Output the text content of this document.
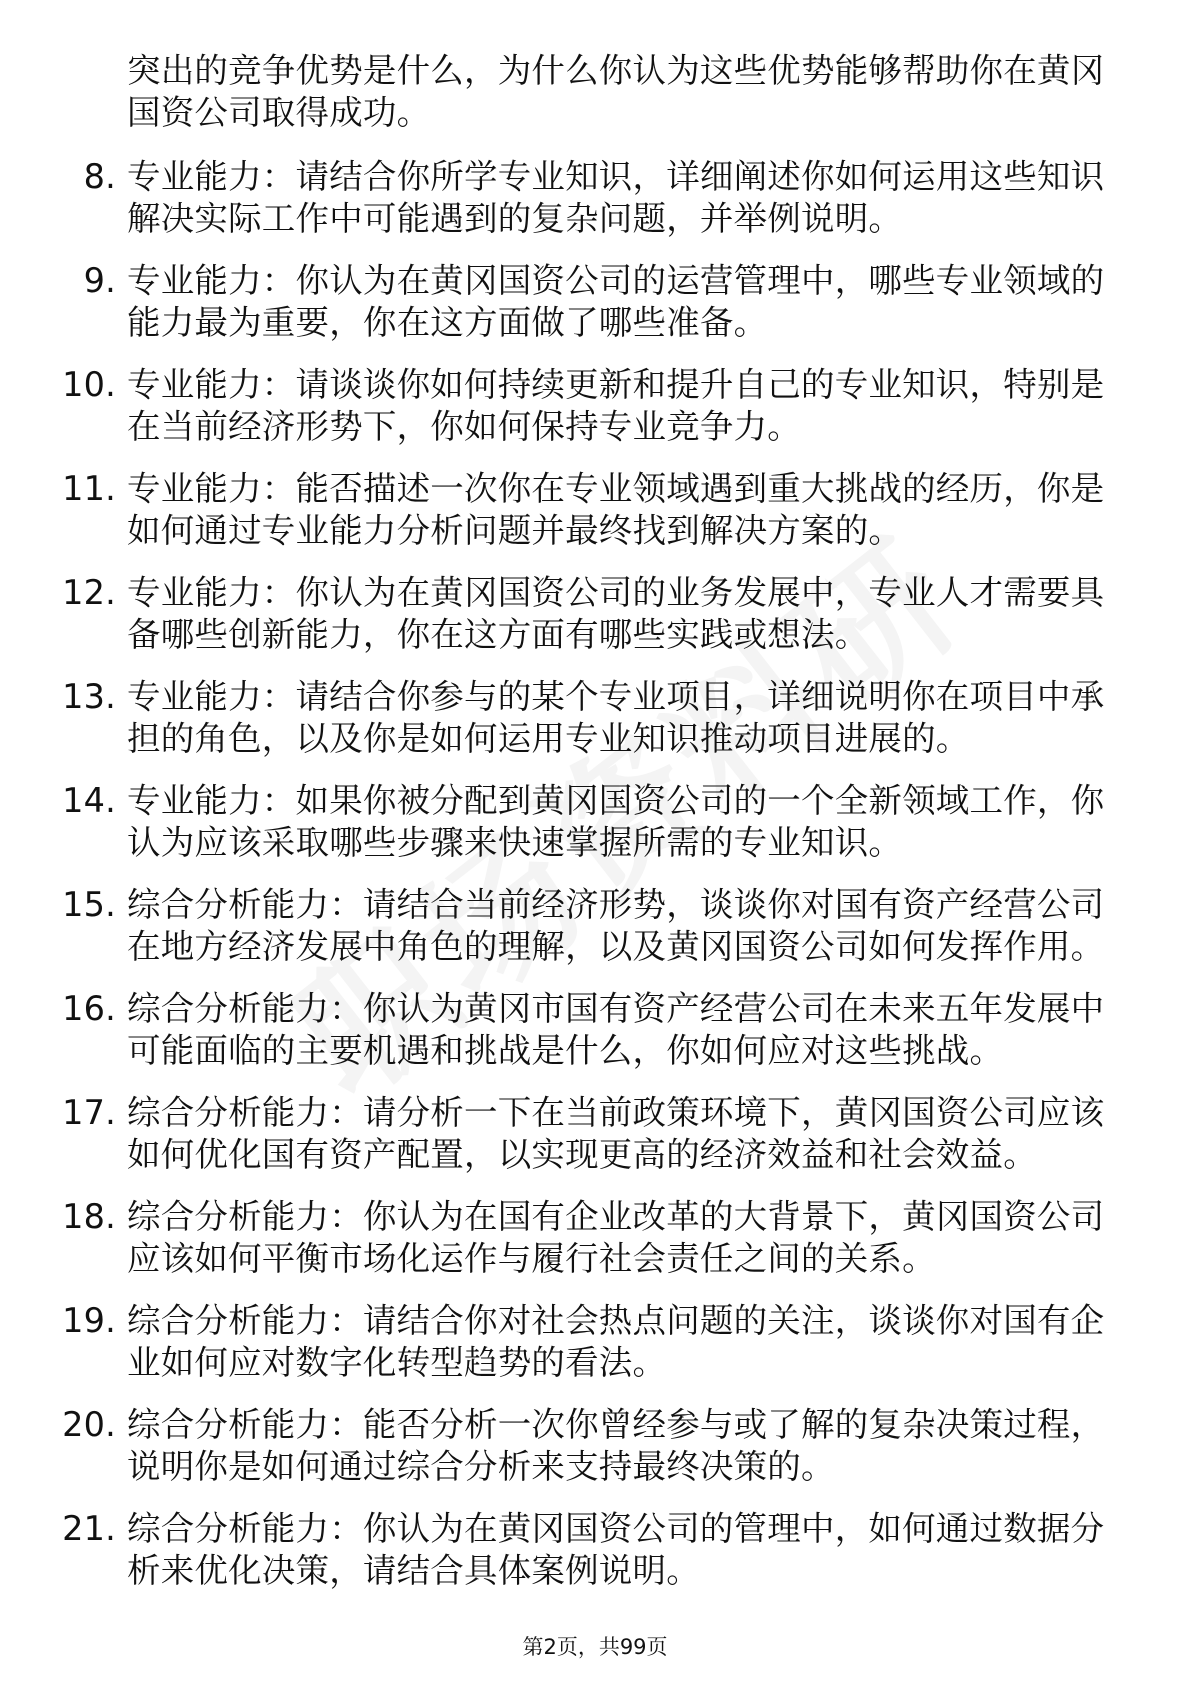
突出的竞争优势是什么，为什么你认为这些优势能够帮助你在黄冈国资公司取得成功。
8. 专业能力：请结合你所学专业知识，详细阐述你如何运用这些知识解决实际工作中可能遇到的复杂问题，并举例说明。
9. 专业能力：你认为在黄冈国资公司的运营管理中，哪些专业领域的能力最为重要，你在这方面做了哪些准备。
10. 专业能力：请谈谈你如何持续更新和提升自己的专业知识，特别是在当前经济形势下，你如何保持专业竞争力。
11. 专业能力：能否描述一次你在专业领域遇到重大挑战的经历，你是如何通过专业能力分析问题并最终找到解决方案的。
12. 专业能力：你认为在黄冈国资公司的业务发展中，专业人才需要具备哪些创新能力，你在这方面有哪些实践或想法。
13. 专业能力：请结合你参与的某个专业项目，详细说明你在项目中承担的角色，以及你是如何运用专业知识推动项目进展的。
14. 专业能力：如果你被分配到黄冈国资公司的一个全新领域工作，你认为应该采取哪些步骤来快速掌握所需的专业知识。
15. 综合分析能力：请结合当前经济形势，谈谈你对国有资产经营公司在地方经济发展中角色的理解，以及黄冈国资公司如何发挥作用。
16. 综合分析能力：你认为黄冈市国有资产经营公司在未来五年发展中可能面临的主要机遇和挑战是什么，你如何应对这些挑战。
17. 综合分析能力：请分析一下在当前政策环境下，黄冈国资公司应该如何优化国有资产配置，以实现更高的经济效益和社会效益。
18. 综合分析能力：你认为在国有企业改革的大背景下，黄冈国资公司应该如何平衡市场化运作与履行社会责任之间的关系。
19. 综合分析能力：请结合你对社会热点问题的关注，谈谈你对国有企业如何应对数字化转型趋势的看法。
20. 综合分析能力：能否分析一次你曾经参与或了解的复杂决策过程，说明你是如何通过综合分析来支持最终决策的。
21. 综合分析能力：你认为在黄冈国资公司的管理中，如何通过数据分析来优化决策，请结合具体案例说明。
第2页，共99页
